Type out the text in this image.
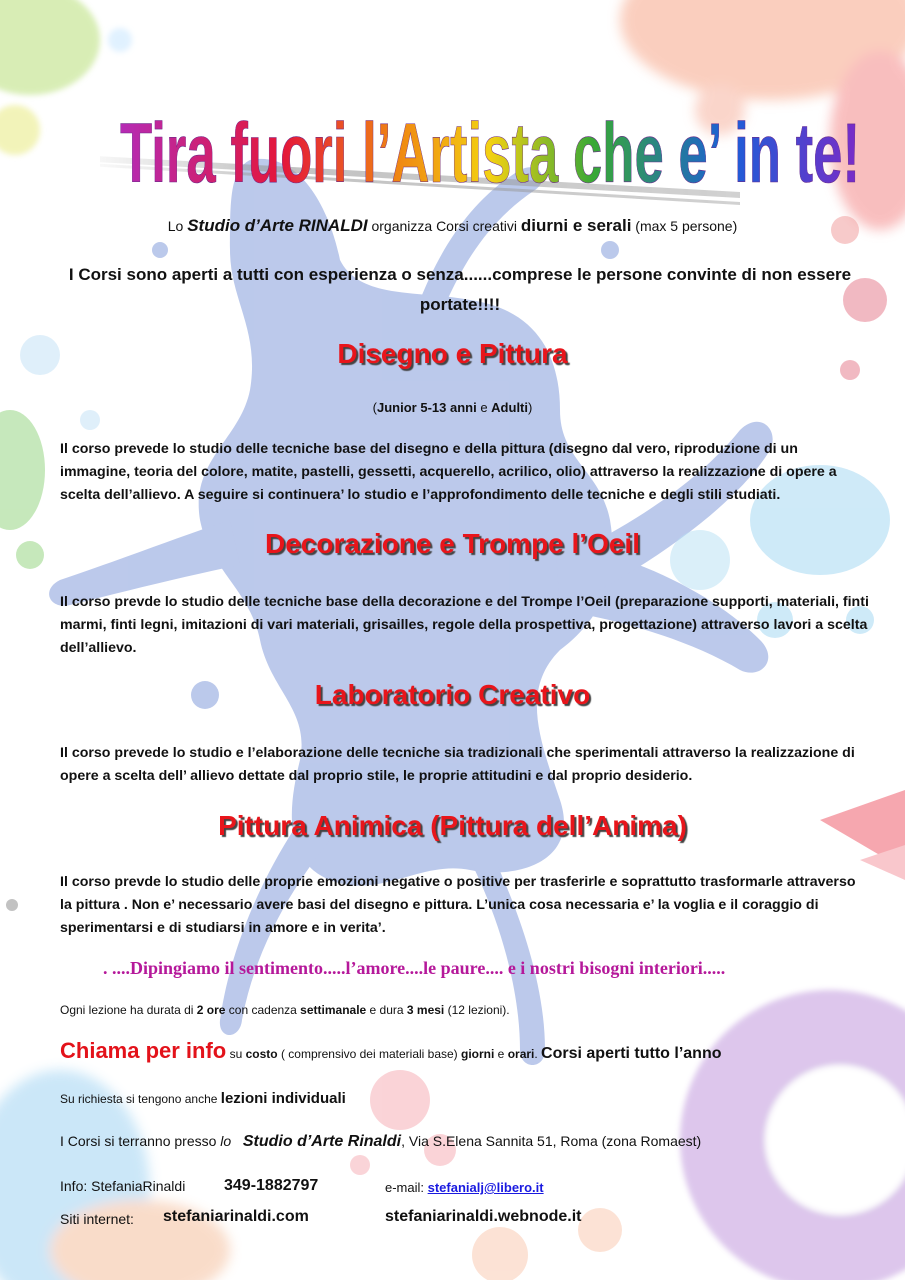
Tira fuori l’Artista che e’ in te!
Lo Studio d’Arte RINALDI organizza Corsi creativi diurni e serali (max 5 persone)
I Corsi sono aperti a tutti con esperienza o senza......comprese le persone convinte di non essere portate!!!!
Disegno e Pittura
(Junior 5-13 anni e Adulti)
Il corso prevede lo studio delle tecniche base del disegno e della pittura (disegno dal vero, riproduzione di un immagine, teoria del colore, matite, pastelli, gessetti, acquerello, acrilico, olio) attraverso la realizzazione di opere a scelta dell’allievo. A seguire si continuera’ lo studio e l’approfondimento delle tecniche e degli stili studiati.
Decorazione e Trompe l’Oeil
Il corso prevde lo studio delle tecniche base della decorazione e del Trompe l’Oeil (preparazione supporti, materiali, finti marmi, finti legni, imitazioni di vari materiali, grisailles, regole della prospettiva, progettazione) attraverso lavori a scelta dell’allievo.
Laboratorio Creativo
Il corso prevede lo studio e l’elaborazione delle tecniche sia tradizionali che sperimentali attraverso la realizzazione di opere a scelta dell’ allievo dettate dal proprio stile, le proprie attitudini e dal proprio desiderio.
Pittura Animica (Pittura dell’Anima)
Il corso prevde lo studio delle proprie emozioni negative o positive per trasferirle e soprattutto trasformarle attraverso la pittura . Non e’ necessario avere basi del disegno e pittura. L’unica cosa necessaria e’ la voglia e il coraggio di sperimentarsi e di studiarsi in amore e in verita’.
. ....Dipingiamo il sentimento.....l’amore....le paure.... e i nostri bisogni interiori.....
Ogni lezione ha durata di 2 ore con cadenza settimanale e dura 3 mesi (12 lezioni).
Chiama per info su costo ( comprensivo dei materiali base) giorni e orari. Corsi aperti tutto l’anno
Su richiesta si tengono anche lezioni individuali
I Corsi si terranno presso lo Studio d’Arte Rinaldi, Via S.Elena Sannita 51, Roma (zona Romaest)
Info: StefaniaRinaldi 349-1882797	e-mail: stefanialj@libero.it
Siti internet: stefaniarinaldi.com	stefaniarinaldi.webnode.it
